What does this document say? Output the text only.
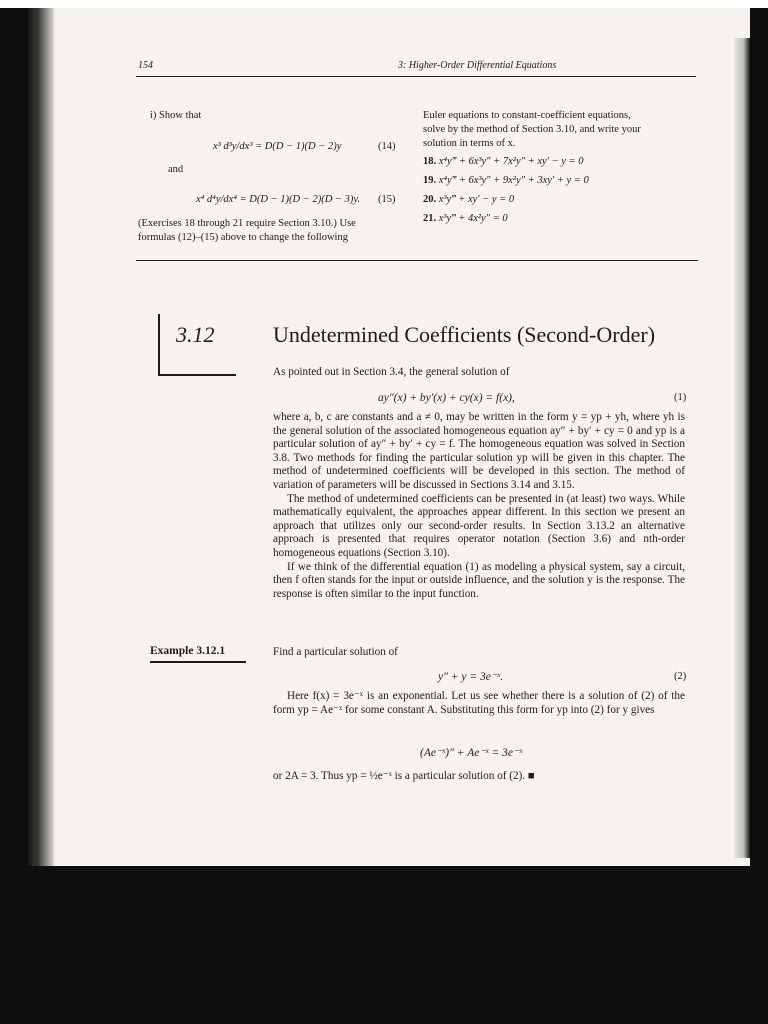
154	3: Higher-Order Differential Equations
i) Show that
x³ d³y/dx³ = D(D − 1)(D − 2)y	(14)
and
x⁴ d⁴y/dx⁴ = D(D − 1)(D − 2)(D − 3)y. (15)
(Exercises 18 through 21 require Section 3.10.) Use
formulas (12)–(15) above to change the following
Euler equations to constant-coefficient equations,
solve by the method of Section 3.10, and write your
solution in terms of x.
18. x⁴y‴ + 6x³y″ + 7x²y″ + xy′ − y = 0
19. x⁴y‴ + 6x³y″ + 9x²y″ + 3xy′ + y = 0
20. x³y‴ + xy′ − y = 0
21. x³y‴ + 4x²y″ = 0
3.12	Undetermined Coefficients (Second-Order)
As pointed out in Section 3.4, the general solution of
ay″(x) + by′(x) + cy(x) = f(x),	(1)

where a, b, c are constants and a ≠ 0, may be written in the form y = yp + yh, where yh is the general solution of the associated homogeneous equation ay″ + by′ + cy = 0 and yp is a particular solution of ay″ + by′ + cy = f. The homogeneous equation was solved in Section 3.8. Two methods for finding the particular solution yp will be given in this chapter. The method of undetermined coefficients will be developed in this section. The method of variation of parameters will be discussed in Sections 3.14 and 3.15.

The method of undetermined coefficients can be presented in (at least) two ways. While mathematically equivalent, the approaches appear different. In this section we present an approach that utilizes only our second-order results. In Section 3.13.2 an alternative approach is presented that requires operator notation (Section 3.6) and nth-order homogeneous equations (Section 3.10).

If we think of the differential equation (1) as modeling a physical system, say a circuit, then f often stands for the input or outside influence, and the solution y is the response. The response is often similar to the input function.

Example 3.12.1	Find a particular solution of
y″ + y = 3e⁻ˣ.	(2)

Here f(x) = 3e⁻ˣ is an exponential. Let us see whether there is a solution of (2) of the form yp = Ae⁻ˣ for some constant A. Substituting this form for yp into (2) for y gives

(Ae⁻ˣ)″ + Ae⁻ˣ = 3e⁻ˣ
or 2A = 3. Thus yp = ½e⁻ˣ is a particular solution of (2). ■
